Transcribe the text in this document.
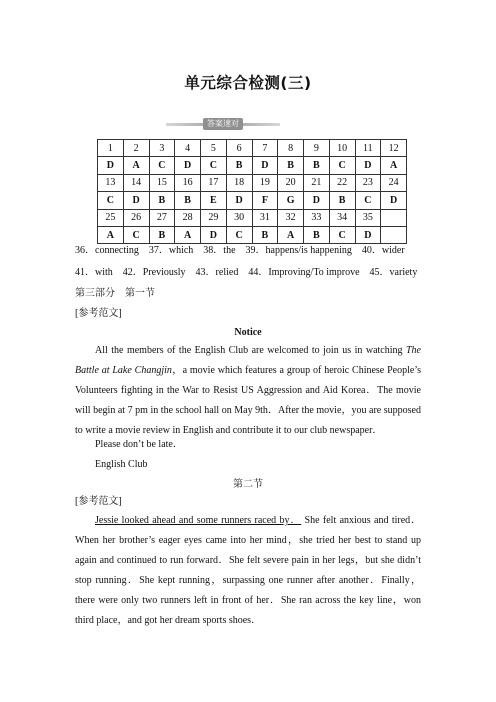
单元综合检测(三)
答案速对
1	2	3	4	5	6	7	8	9	10	11	12
D	A	C	D	C	B	D	B	B	C	D	A
13	14	15	16	17	18	19	20	21	22	23	24
C	D	B	B	E	D	F	G	D	B	C	D
25	26	27	28	29	30	31	32	33	34	35	
A	C	B	A	D	C	B	A	B	C	D	
36．connecting　37．which　38．the　39．happens/is happening　40．wider
41．with　42．Previously　43．relied　44．Improving/To improve　45．variety
第三部分　第一节
[参考范文]
Notice
All the members of the English Club are welcomed to join us in watching The Battle at Lake Changjin，a movie which features a group of heroic Chinese People’s Volunteers fighting in the War to Resist US Aggression and Aid Korea．The movie will begin at 7 pm in the school hall on May 9th．After the movie，you are supposed to write a movie review in English and contribute it to our club newspaper．
Please don’t be late．
English Club
第二节
[参考范文]
Jessie looked ahead and some runners raced by． She felt anxious and tired．When her brother’s eager eyes came into her mind，she tried her best to stand up again and continued to run forward．She felt severe pain in her legs，but she didn’t stop running．She kept running，surpassing one runner after another．Finally，there were only two runners left in front of her．She ran across the key line，won third place，and got her dream sports shoes．
